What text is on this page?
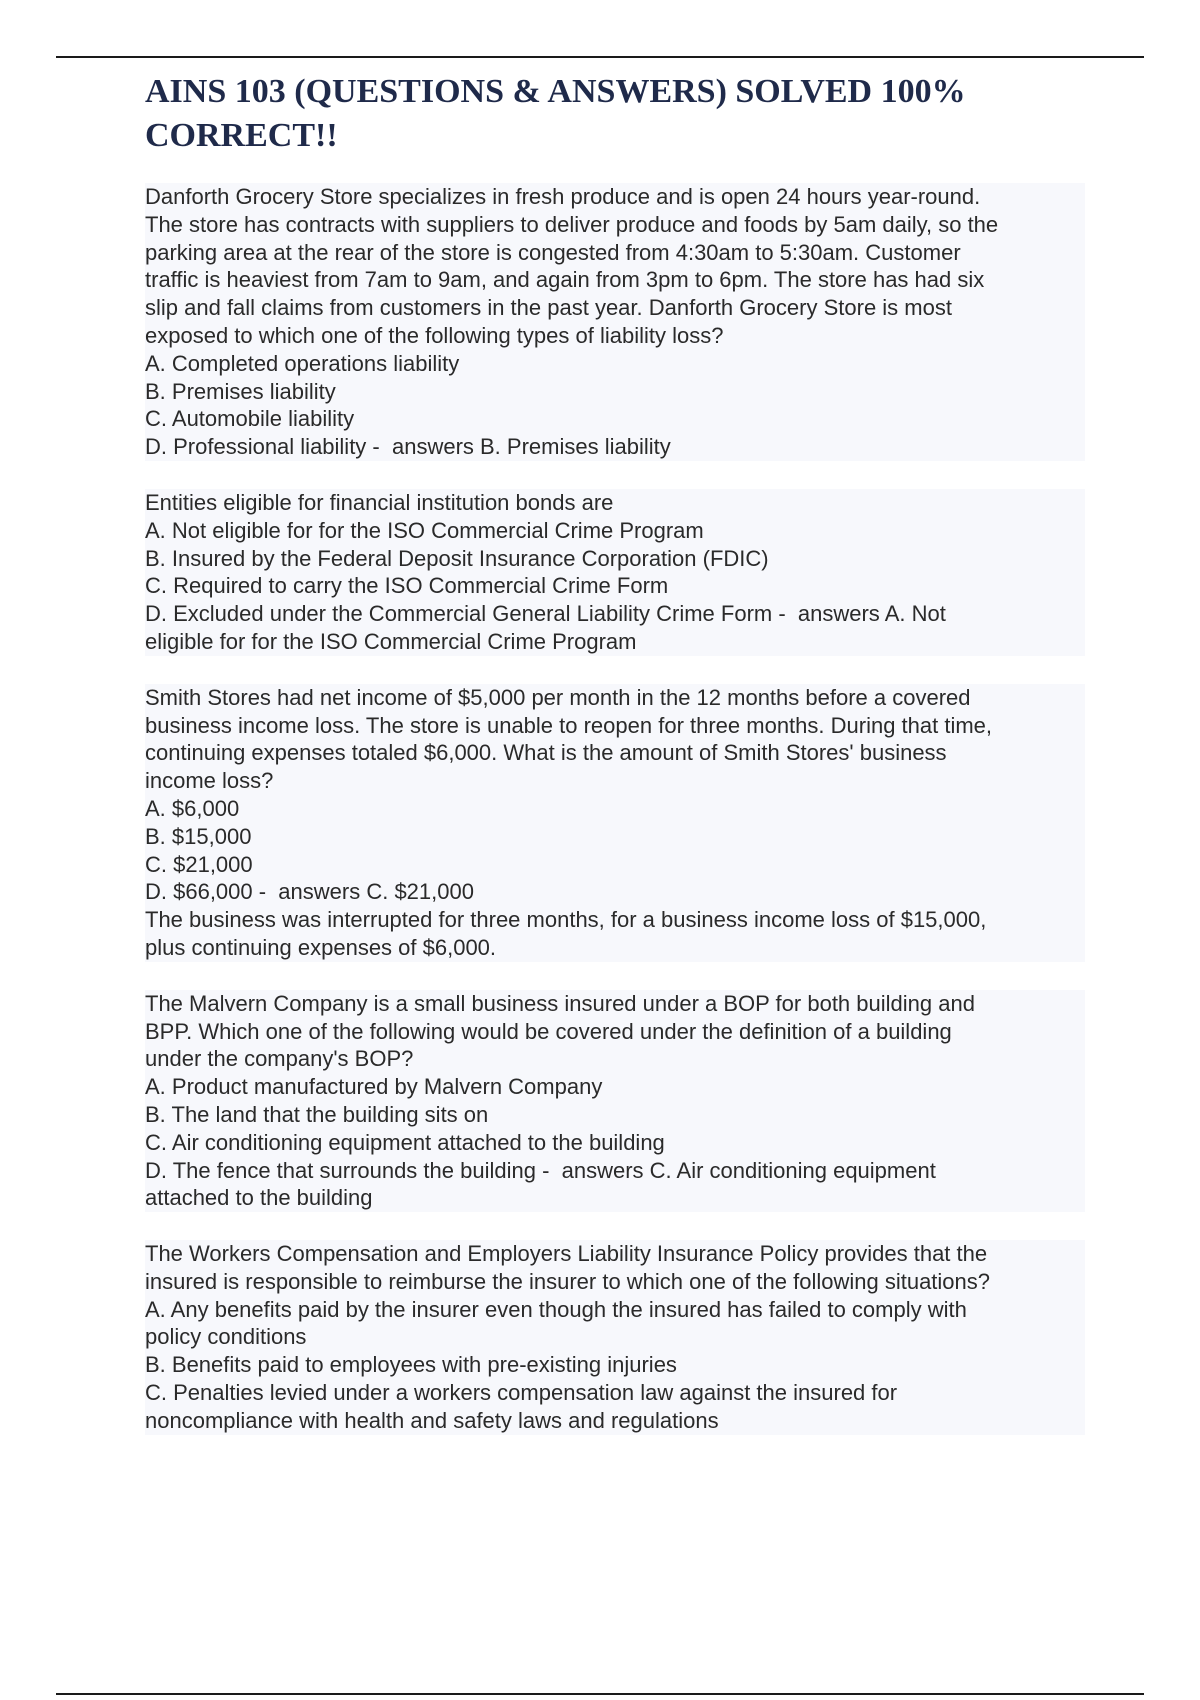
AINS 103 (QUESTIONS & ANSWERS) SOLVED 100% CORRECT!!
Danforth Grocery Store specializes in fresh produce and is open 24 hours year-round.
The store has contracts with suppliers to deliver produce and foods by 5am daily, so the
parking area at the rear of the store is congested from 4:30am to 5:30am. Customer
traffic is heaviest from 7am to 9am, and again from 3pm to 6pm. The store has had six
slip and fall claims from customers in the past year. Danforth Grocery Store is most
exposed to which one of the following types of liability loss?
A. Completed operations liability
B. Premises liability
C. Automobile liability
D. Professional liability -  answers B. Premises liability
Entities eligible for financial institution bonds are
A. Not eligible for for the ISO Commercial Crime Program
B. Insured by the Federal Deposit Insurance Corporation (FDIC)
C. Required to carry the ISO Commercial Crime Form
D. Excluded under the Commercial General Liability Crime Form -  answers A. Not
eligible for for the ISO Commercial Crime Program
Smith Stores had net income of $5,000 per month in the 12 months before a covered
business income loss. The store is unable to reopen for three months. During that time,
continuing expenses totaled $6,000. What is the amount of Smith Stores' business
income loss?
A. $6,000
B. $15,000
C. $21,000
D. $66,000 -  answers C. $21,000
The business was interrupted for three months, for a business income loss of $15,000,
plus continuing expenses of $6,000.
The Malvern Company is a small business insured under a BOP for both building and
BPP. Which one of the following would be covered under the definition of a building
under the company's BOP?
A. Product manufactured by Malvern Company
B. The land that the building sits on
C. Air conditioning equipment attached to the building
D. The fence that surrounds the building -  answers C. Air conditioning equipment
attached to the building
The Workers Compensation and Employers Liability Insurance Policy provides that the
insured is responsible to reimburse the insurer to which one of the following situations?
A. Any benefits paid by the insurer even though the insured has failed to comply with
policy conditions
B. Benefits paid to employees with pre-existing injuries
C. Penalties levied under a workers compensation law against the insured for
noncompliance with health and safety laws and regulations
